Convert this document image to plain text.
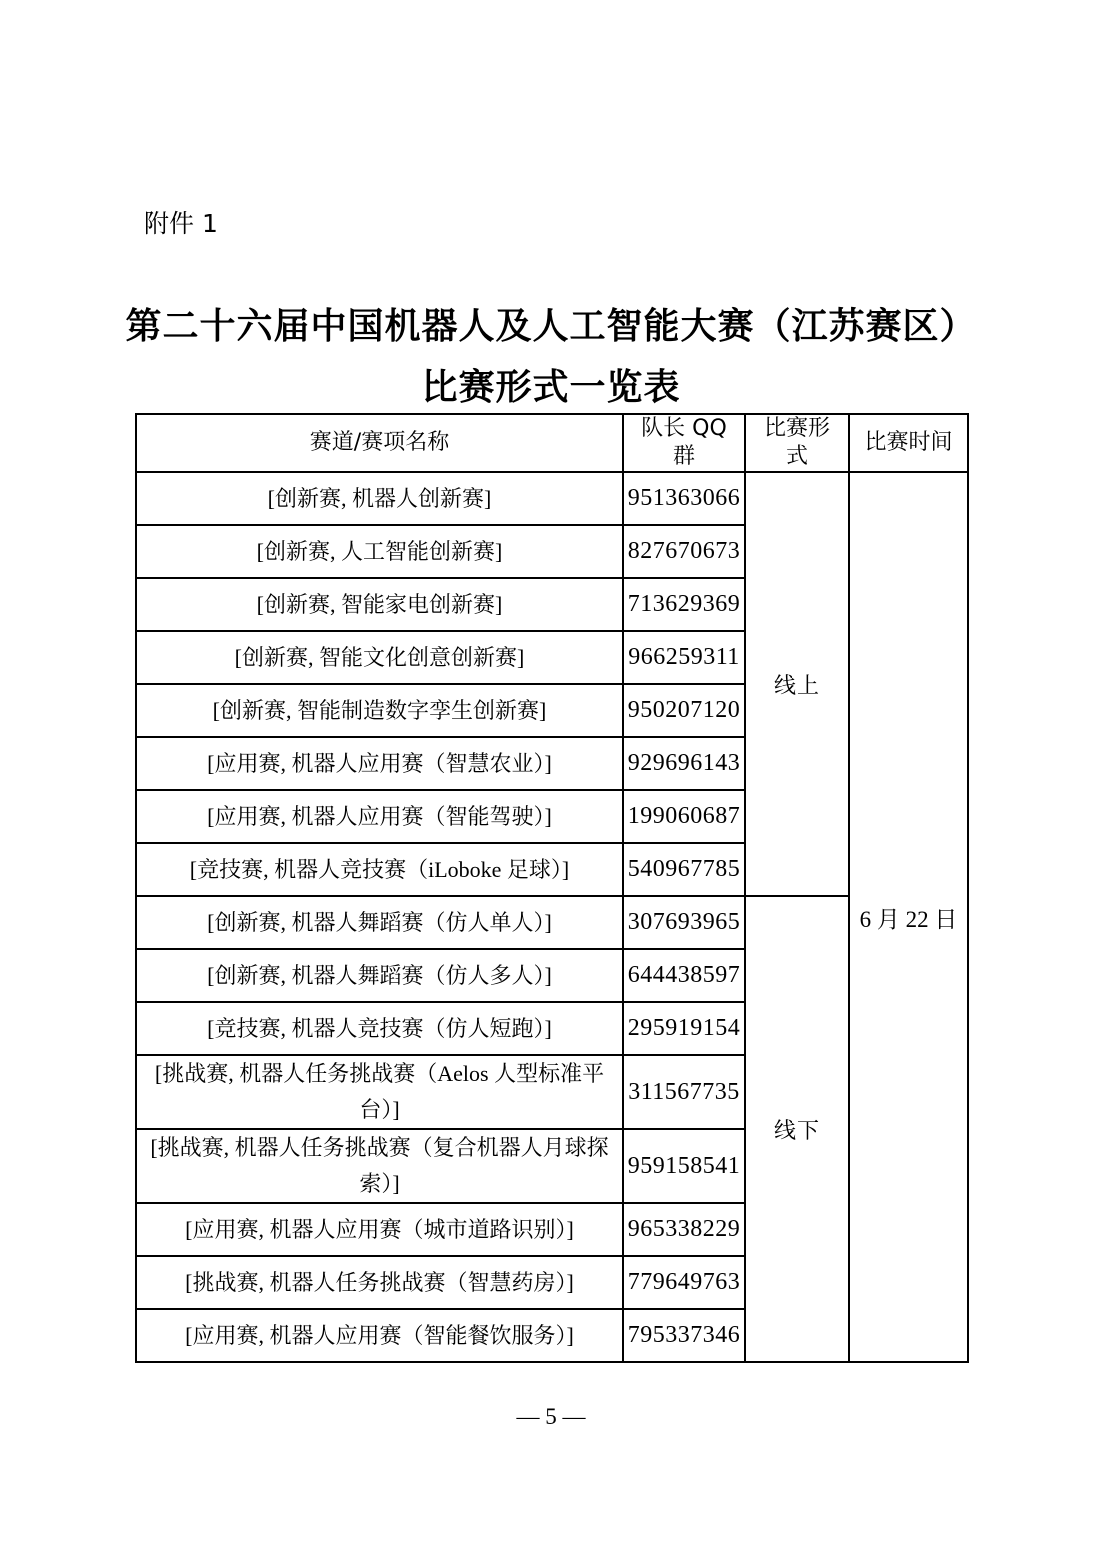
附件 1
第二十六届中国机器人及人工智能大赛（江苏赛区）
比赛形式一览表
赛道/赛项名称	队长 QQ 群	比赛形式	比赛时间
[创新赛, 机器人创新赛]	951363066	线上	6 月 22 日
[创新赛, 人工智能创新赛]	827670673		
[创新赛, 智能家电创新赛]	713629369		
[创新赛, 智能文化创意创新赛]	966259311		
[创新赛, 智能制造数字孪生创新赛]	950207120		
[应用赛, 机器人应用赛（智慧农业）]	929696143		
[应用赛, 机器人应用赛（智能驾驶）]	199060687		
[竞技赛, 机器人竞技赛（iLoboke 足球）]	540967785		
[创新赛, 机器人舞蹈赛（仿人单人）]	307693965	线下	
[创新赛, 机器人舞蹈赛（仿人多人）]	644438597		
[竞技赛, 机器人竞技赛（仿人短跑）]	295919154		
[挑战赛, 机器人任务挑战赛（Aelos 人型标准平台）]	311567735		
[挑战赛, 机器人任务挑战赛（复合机器人月球探索）]	959158541		
[应用赛, 机器人应用赛（城市道路识别）]	965338229		
[挑战赛, 机器人任务挑战赛（智慧药房）]	779649763		
[应用赛, 机器人应用赛（智能餐饮服务）]	795337346		
— 5 —
